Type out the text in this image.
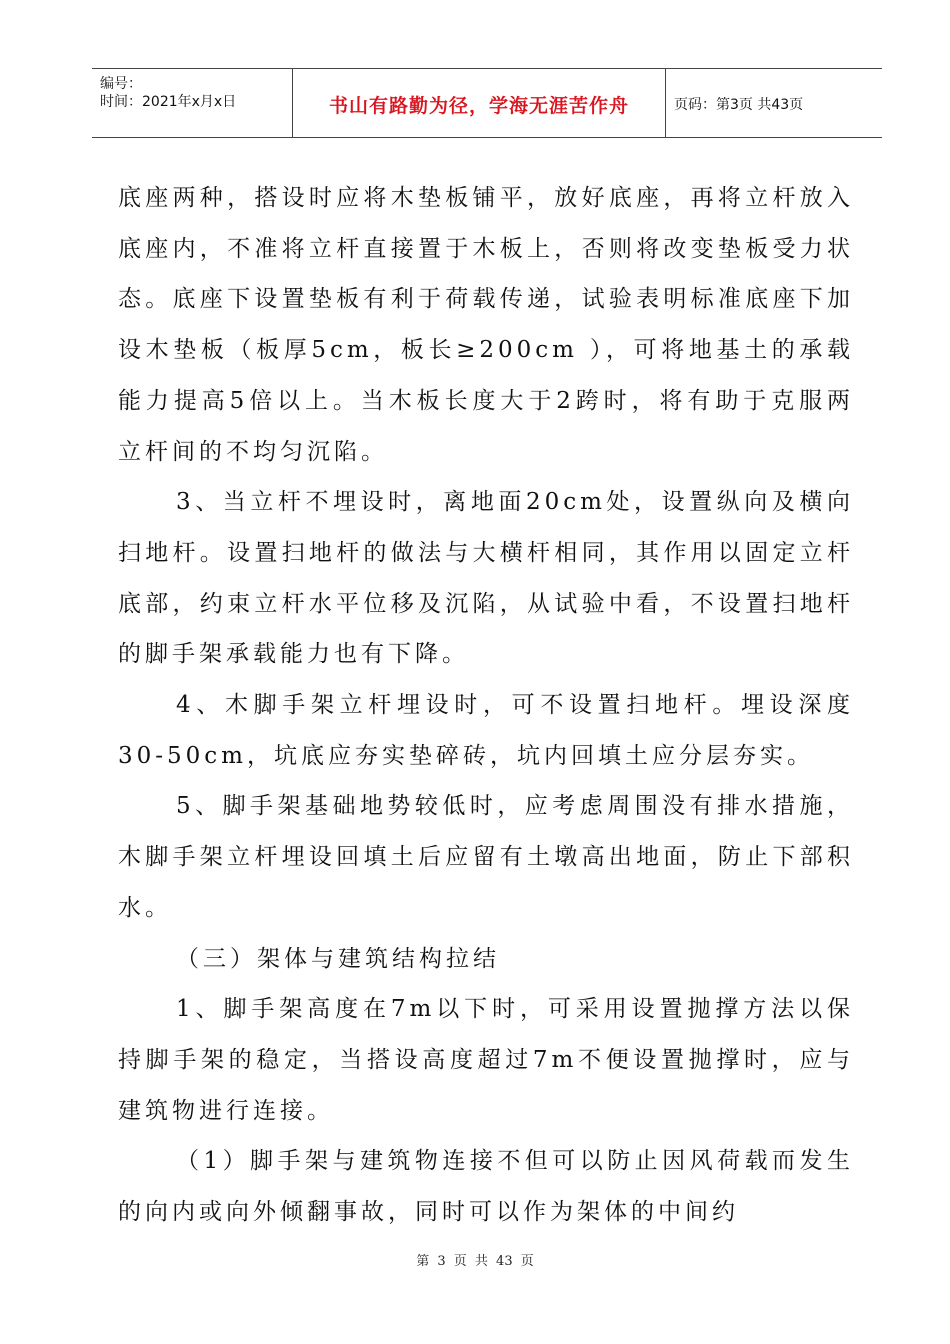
编号：
时间：2021年x月x日	书山有路勤为径，学海无涯苦作舟	页码：第3页 共43页

底座两种，搭设时应将木垫板铺平，放好底座，再将立杆放入底座内，不准将立杆直接置于木板上，否则将改变垫板受力状态。底座下设置垫板有利于荷载传递，试验表明标准底座下加设木垫板（板厚5cm，板长≥200cm ），可将地基土的承载能力提高5倍以上。当木板长度大于2跨时，将有助于克服两立杆间的不均匀沉陷。

3、当立杆不埋设时，离地面20cm处，设置纵向及横向扫地杆。设置扫地杆的做法与大横杆相同，其作用以固定立杆底部，约束立杆水平位移及沉陷，从试验中看，不设置扫地杆的脚手架承载能力也有下降。

4、木脚手架立杆埋设时，可不设置扫地杆。埋设深度30-50cm，坑底应夯实垫碎砖，坑内回填土应分层夯实。

5、脚手架基础地势较低时，应考虑周围没有排水措施，木脚手架立杆埋设回填土后应留有土墩高出地面，防止下部积水。

（三）架体与建筑结构拉结

1、脚手架高度在7m以下时，可采用设置抛撑方法以保持脚手架的稳定，当搭设高度超过7m不便设置抛撑时，应与建筑物进行连接。

（1）脚手架与建筑物连接不但可以防止因风荷载而发生的向内或向外倾翻事故，同时可以作为架体的中间约

第 3 页 共 43 页
